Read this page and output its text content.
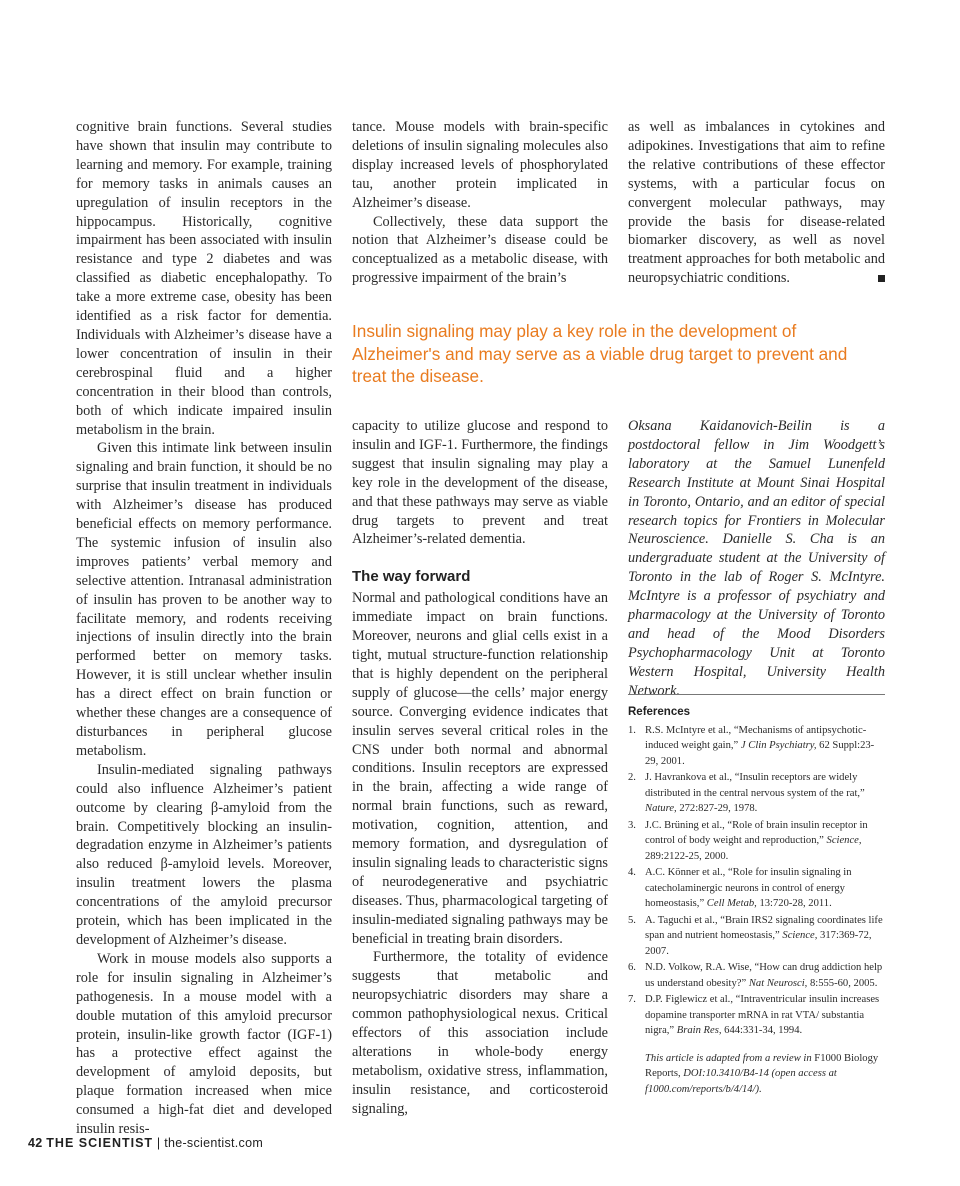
cognitive brain functions. Several studies have shown that insulin may contribute to learning and memory. For example, training for memory tasks in animals causes an upregulation of insulin receptors in the hippocampus. Historically, cognitive impairment has been associated with insulin resistance and type 2 diabetes and was classified as diabetic encephalopathy. To take a more extreme case, obesity has been identified as a risk factor for dementia. Individuals with Alzheimer’s disease have a lower concentration of insulin in their cerebrospinal fluid and a higher concentration in their blood than controls, both of which indicate impaired insulin metabolism in the brain.

Given this intimate link between insulin signaling and brain function, it should be no surprise that insulin treatment in individuals with Alzheimer’s disease has produced beneficial effects on memory performance. The systemic infusion of insulin also improves patients’ verbal memory and selective attention. Intranasal administration of insulin has proven to be another way to facilitate memory, and rodents receiving injections of insulin directly into the brain performed better on memory tasks. However, it is still unclear whether insulin has a direct effect on brain function or whether these changes are a consequence of disturbances in peripheral glucose metabolism.

Insulin-mediated signaling pathways could also influence Alzheimer’s patient outcome by clearing β-amyloid from the brain. Competitively blocking an insulin-degradation enzyme in Alzheimer’s patients also reduced β-amyloid levels. Moreover, insulin treatment lowers the plasma concentrations of the amyloid precursor protein, which has been implicated in the development of Alzheimer’s disease.

Work in mouse models also supports a role for insulin signaling in Alzheimer’s pathogenesis. In a mouse model with a double mutation of this amyloid precursor protein, insulin-like growth factor (IGF-1) has a protective effect against the development of amyloid deposits, but plaque formation increased when mice consumed a high-fat diet and developed insulin resis-

tance. Mouse models with brain-specific deletions of insulin signaling molecules also display increased levels of phosphorylated tau, another protein implicated in Alzheimer’s disease.

Collectively, these data support the notion that Alzheimer’s disease could be conceptualized as a metabolic disease, with progressive impairment of the brain’s

as well as imbalances in cytokines and adipokines. Investigations that aim to refine the relative contributions of these effector systems, with a particular focus on convergent molecular pathways, may provide the basis for disease-related biomarker discovery, as well as novel treatment approaches for both metabolic and neuropsychiatric conditions.

Insulin signaling may play a key role in the development of Alzheimer's and may serve as a viable drug target to prevent and treat the disease.

capacity to utilize glucose and respond to insulin and IGF-1. Furthermore, the findings suggest that insulin signaling may play a key role in the development of the disease, and that these pathways may serve as viable drug targets to prevent and treat Alzheimer’s-related dementia.

The way forward

Normal and pathological conditions have an immediate impact on brain functions. Moreover, neurons and glial cells exist in a tight, mutual structure-function relationship that is highly dependent on the peripheral supply of glucose—the cells’ major energy source. Converging evidence indicates that insulin serves several critical roles in the CNS under both normal and abnormal conditions. Insulin receptors are expressed in the brain, affecting a wide range of normal brain functions, such as reward, motivation, cognition, attention, and memory formation, and dysregulation of insulin signaling leads to characteristic signs of neurodegenerative and psychiatric diseases. Thus, pharmacological targeting of insulin-mediated signaling pathways may be beneficial in treating brain disorders.

Furthermore, the totality of evidence suggests that metabolic and neuropsychiatric disorders may share a common pathophysiological nexus. Critical effectors of this association include alterations in whole-body energy metabolism, oxidative stress, inflammation, insulin resistance, and corticosteroid signaling,

Oksana Kaidanovich-Beilin is a postdoctoral fellow in Jim Woodgett’s laboratory at the Samuel Lunenfeld Research Institute at Mount Sinai Hospital in Toronto, Ontario, and an editor of special research topics for Frontiers in Molecular Neuroscience. Danielle S. Cha is an undergraduate student at the University of Toronto in the lab of Roger S. McIntyre. McIntyre is a professor of psychiatry and pharmacology at the University of Toronto and head of the Mood Disorders Psychopharmacology Unit at Toronto Western Hospital, University Health Network.

References
1. R.S. McIntyre et al., “Mechanisms of antipsychotic-induced weight gain,” J Clin Psychiatry, 62 Suppl:23-29, 2001.
2. J. Havrankova et al., “Insulin receptors are widely distributed in the central nervous system of the rat,” Nature, 272:827-29, 1978.
3. J.C. Brüning et al., “Role of brain insulin receptor in control of body weight and reproduction,” Science, 289:2122-25, 2000.
4. A.C. Könner et al., “Role for insulin signaling in catecholaminergic neurons in control of energy homeostasis,” Cell Metab, 13:720-28, 2011.
5. A. Taguchi et al., “Brain IRS2 signaling coordinates life span and nutrient homeostasis,” Science, 317:369-72, 2007.
6. N.D. Volkow, R.A. Wise, “How can drug addiction help us understand obesity?” Nat Neurosci, 8:555-60, 2005.
7. D.P. Figlewicz et al., “Intraventricular insulin increases dopamine transporter mRNA in rat VTA/ substantia nigra,” Brain Res, 644:331-34, 1994.
This article is adapted from a review in F1000 Biology Reports, DOI:10.3410/B4-14 (open access at f1000.com/reports/b/4/14/).
42 THE SCIENTIST | the-scientist.com
